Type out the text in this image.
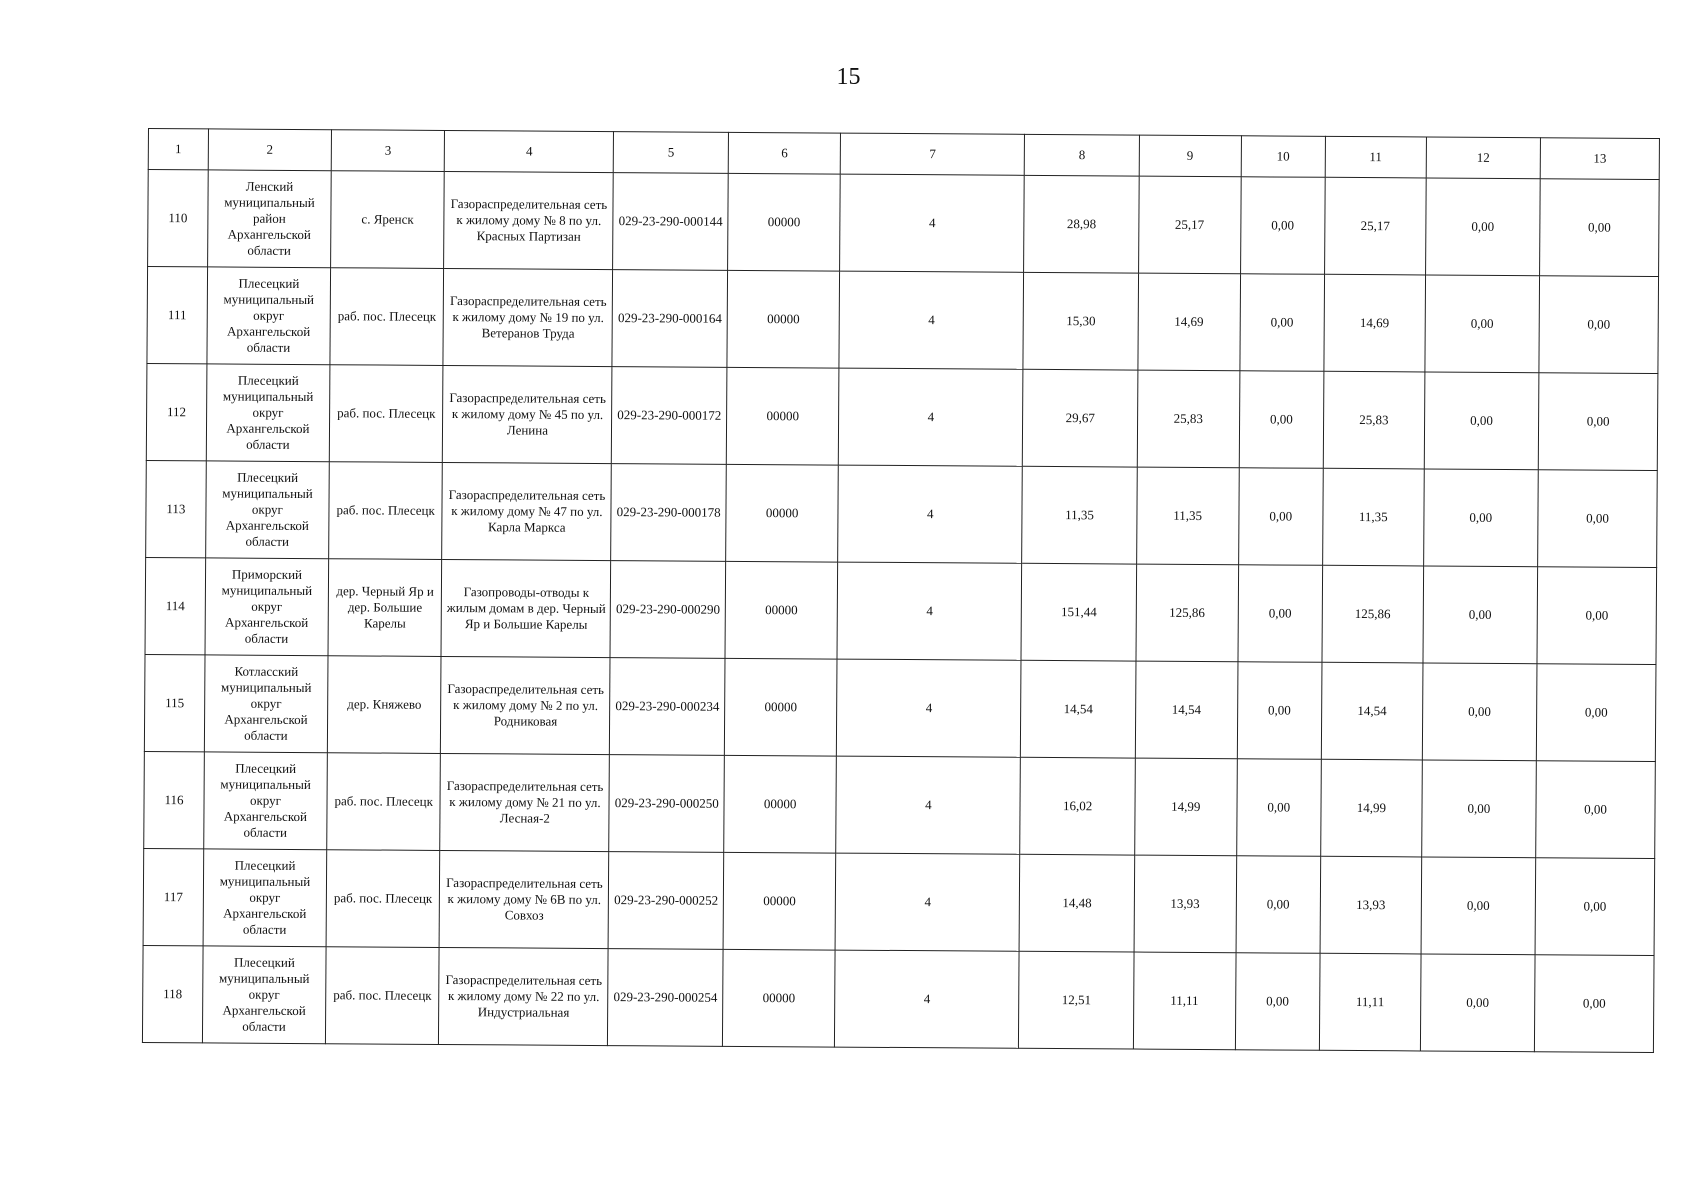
15
1	2	3	4	5	6	7	8	9	10	11	12	13
110	Ленский муниципальный район Архангельской области	с. Яренск	Газораспределительная сеть к жилому дому № 8 по ул. Красных Партизан	029-23-290-000144	00000	4	28,98	25,17	0,00	25,17	0,00	0,00
111	Плесецкий муниципальный округ Архангельской области	раб. пос. Плесецк	Газораспределительная сеть к жилому дому № 19 по ул. Ветеранов Труда	029-23-290-000164	00000	4	15,30	14,69	0,00	14,69	0,00	0,00
112	Плесецкий муниципальный округ Архангельской области	раб. пос. Плесецк	Газораспределительная сеть к жилому дому № 45 по ул. Ленина	029-23-290-000172	00000	4	29,67	25,83	0,00	25,83	0,00	0,00
113	Плесецкий муниципальный округ Архангельской области	раб. пос. Плесецк	Газораспределительная сеть к жилому дому № 47 по ул. Карла Маркса	029-23-290-000178	00000	4	11,35	11,35	0,00	11,35	0,00	0,00
114	Приморский муниципальный округ Архангельской области	дер. Черный Яр и дер. Большие Карелы	Газопроводы-отводы к жилым домам в дер. Черный Яр и Большие Карелы	029-23-290-000290	00000	4	151,44	125,86	0,00	125,86	0,00	0,00
115	Котласский муниципальный округ Архангельской области	дер. Княжево	Газораспределительная сеть к жилому дому № 2 по ул. Родниковая	029-23-290-000234	00000	4	14,54	14,54	0,00	14,54	0,00	0,00
116	Плесецкий муниципальный округ Архангельской области	раб. пос. Плесецк	Газораспределительная сеть к жилому дому № 21 по ул. Лесная-2	029-23-290-000250	00000	4	16,02	14,99	0,00	14,99	0,00	0,00
117	Плесецкий муниципальный округ Архангельской области	раб. пос. Плесецк	Газораспределительная сеть к жилому дому № 6В по ул. Совхоз	029-23-290-000252	00000	4	14,48	13,93	0,00	13,93	0,00	0,00
118	Плесецкий муниципальный округ Архангельской области	раб. пос. Плесецк	Газораспределительная сеть к жилому дому № 22 по ул. Индустриальная	029-23-290-000254	00000	4	12,51	11,11	0,00	11,11	0,00	0,00
